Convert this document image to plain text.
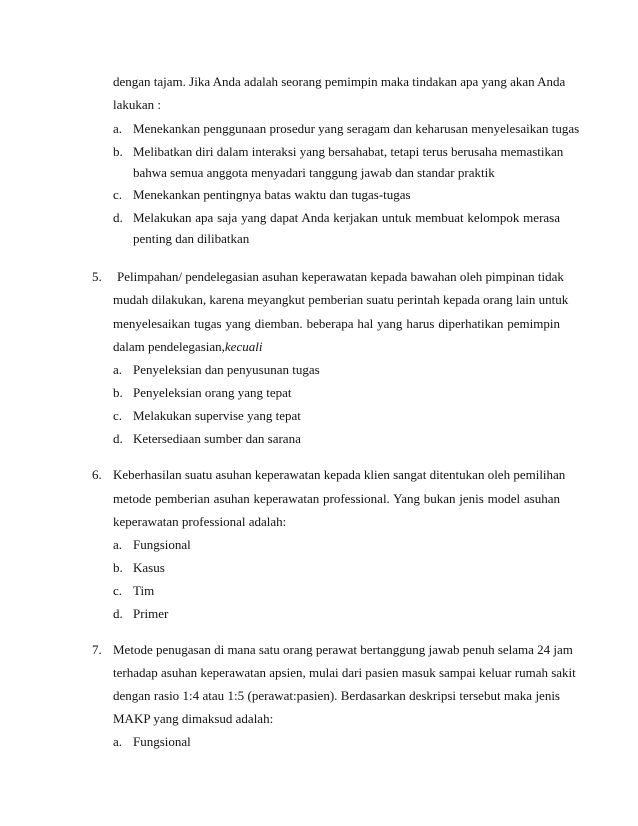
dengan tajam. Jika Anda adalah seorang pemimpin maka tindakan apa yang akan Anda
lakukan :
a. Menekankan penggunaan prosedur yang seragam dan keharusan menyelesaikan tugas
b. Melibatkan diri dalam interaksi yang bersahabat, tetapi terus berusaha memastikan
bahwa semua anggota menyadari tanggung jawab dan standar praktik
c. Menekankan pentingnya batas waktu dan tugas-tugas
d. Melakukan apa saja yang dapat Anda kerjakan untuk membuat kelompok merasa
penting dan dilibatkan
5. Pelimpahan/ pendelegasian asuhan keperawatan kepada bawahan oleh pimpinan tidak
mudah dilakukan, karena meyangkut pemberian suatu perintah kepada orang lain untuk
menyelesaikan tugas yang diemban. beberapa hal yang harus diperhatikan pemimpin
dalam pendelegasian,kecuali
a. Penyeleksian dan penyusunan tugas
b. Penyeleksian orang yang tepat
c. Melakukan supervise yang tepat
d. Ketersediaan sumber dan sarana
6. Keberhasilan suatu asuhan keperawatan kepada klien sangat ditentukan oleh pemilihan
metode pemberian asuhan keperawatan professional. Yang bukan jenis model asuhan
keperawatan professional adalah:
a. Fungsional
b. Kasus
c. Tim
d. Primer
7. Metode penugasan di mana satu orang perawat bertanggung jawab penuh selama 24 jam
terhadap asuhan keperawatan apsien, mulai dari pasien masuk sampai keluar rumah sakit
dengan rasio 1:4 atau 1:5 (perawat:pasien). Berdasarkan deskripsi tersebut maka jenis
MAKP yang dimaksud adalah:
a. Fungsional
